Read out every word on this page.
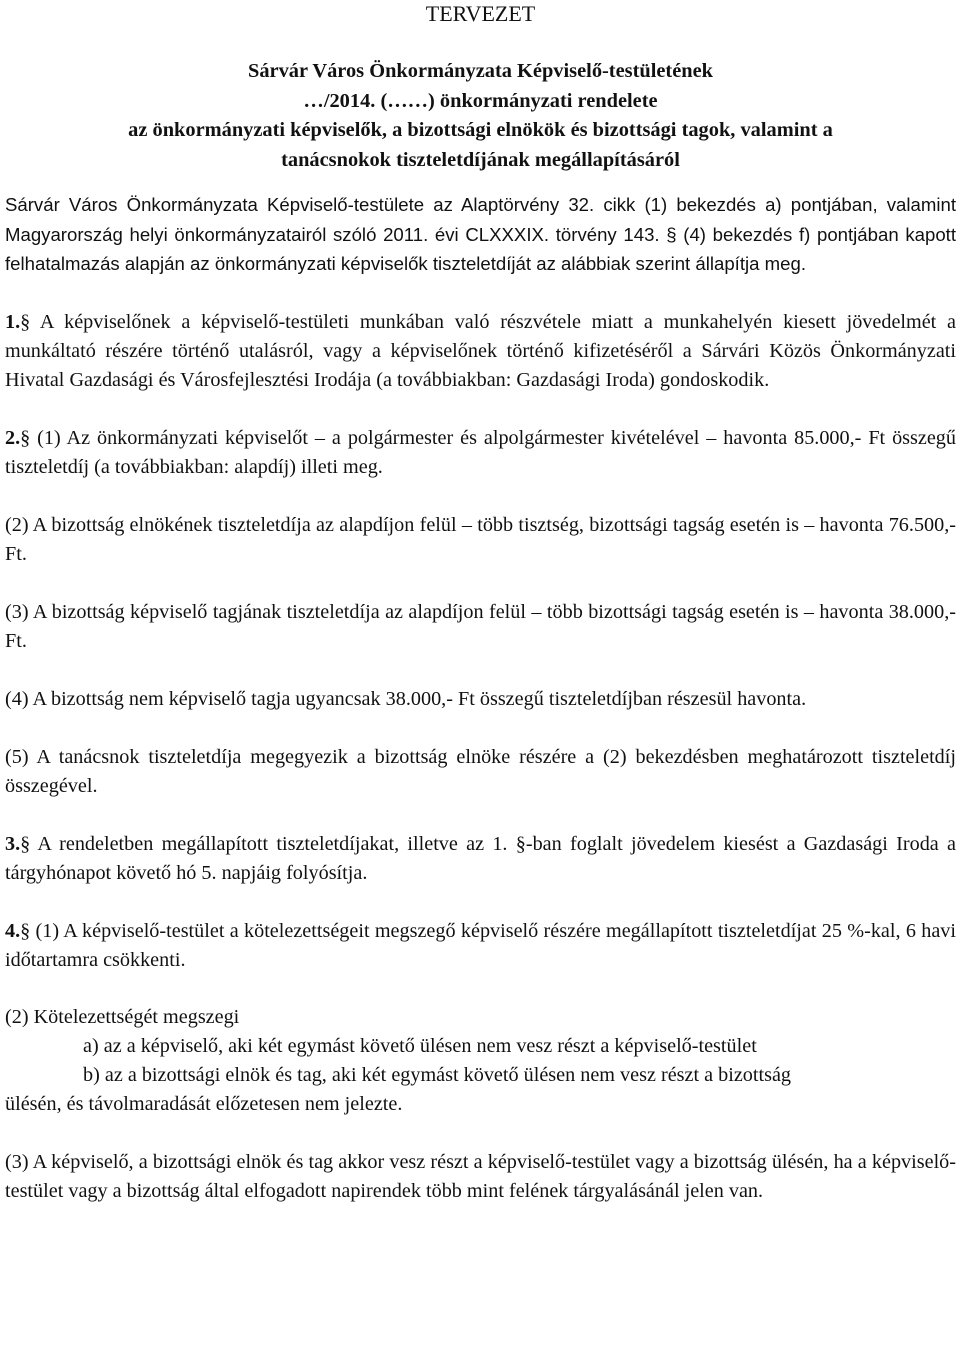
TERVEZET
Sárvár Város Önkormányzata Képviselő-testületének
…/2014. (……) önkormányzati rendelete
az önkormányzati képviselők, a bizottsági elnökök és bizottsági tagok, valamint a
tanácsnokok tiszteletdíjának megállapításáról

Sárvár Város Önkormányzata Képviselő-testülete az Alaptörvény 32. cikk (1) bekezdés a) pontjában, valamint Magyarország helyi önkormányzatairól szóló 2011. évi CLXXXIX. törvény 143. § (4) bekezdés f) pontjában kapott felhatalmazás alapján az önkormányzati képviselők tiszteletdíját az alábbiak szerint állapítja meg.

1.§ A képviselőnek a képviselő-testületi munkában való részvétele miatt a munkahelyén kiesett jövedelmét a munkáltató részére történő utalásról, vagy a képviselőnek történő kifizetéséről a Sárvári Közös Önkormányzati Hivatal Gazdasági és Városfejlesztési Irodája (a továbbiakban: Gazdasági Iroda) gondoskodik.

2.§ (1) Az önkormányzati képviselőt – a polgármester és alpolgármester kivételével – havonta 85.000,- Ft összegű tiszteletdíj (a továbbiakban: alapdíj) illeti meg.

(2) A bizottság elnökének tiszteletdíja az alapdíjon felül – több tisztség, bizottsági tagság esetén is – havonta 76.500,- Ft.

(3) A bizottság képviselő tagjának tiszteletdíja az alapdíjon felül – több bizottsági tagság esetén is – havonta 38.000,- Ft.

(4) A bizottság nem képviselő tagja ugyancsak 38.000,- Ft összegű tiszteletdíjban részesül havonta.

(5) A tanácsnok tiszteletdíja megegyezik a bizottság elnöke részére a (2) bekezdésben meghatározott tiszteletdíj összegével.

3.§ A rendeletben megállapított tiszteletdíjakat, illetve az 1. §-ban foglalt jövedelem kiesést a Gazdasági Iroda a tárgyhónapot követő hó 5. napjáig folyósítja.

4.§ (1) A képviselő-testület a kötelezettségeit megszegő képviselő részére megállapított tiszteletdíjat 25 %-kal, 6 havi időtartamra csökkenti.

(2) Kötelezettségét megszegi

a) az a képviselő, aki két egymást követő ülésen nem vesz részt a képviselő-testület

b) az a bizottsági elnök és tag, aki két egymást követő ülésen nem vesz részt a bizottság

ülésén, és távolmaradását előzetesen nem jelezte.

(3) A képviselő, a bizottsági elnök és tag akkor vesz részt a képviselő-testület vagy a bizottság ülésén, ha a képviselő-testület vagy a bizottság által elfogadott napirendek több mint felének tárgyalásánál jelen van.
